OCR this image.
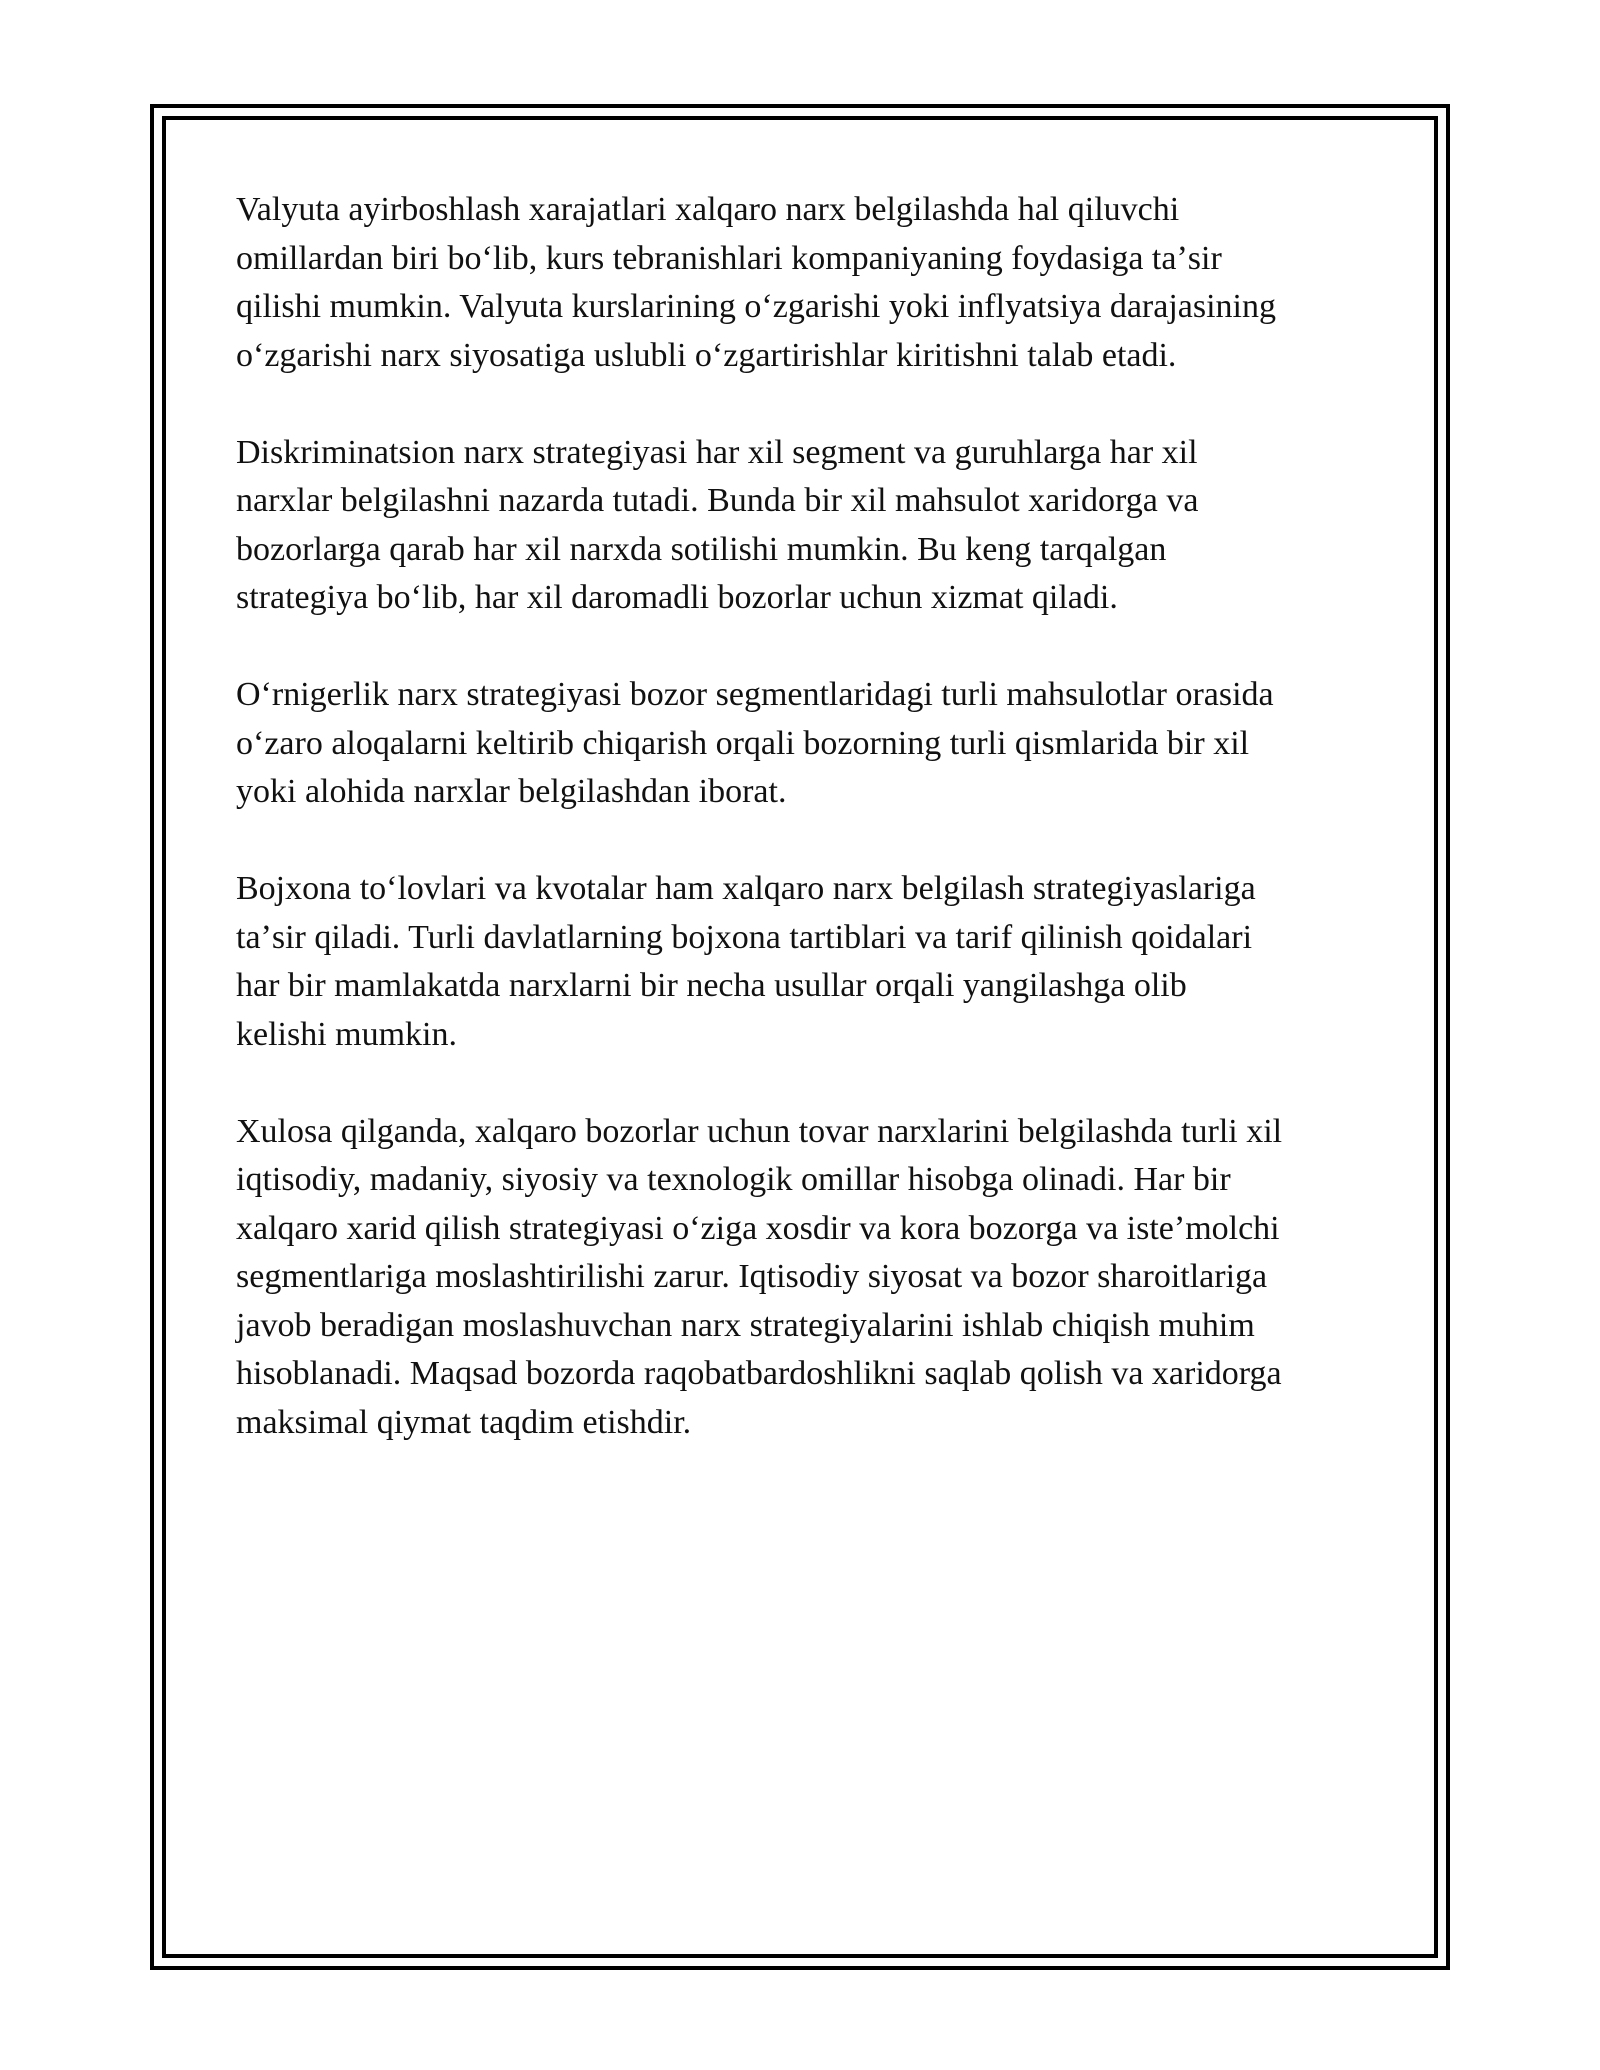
Valyuta ayirboshlash xarajatlari xalqaro narx belgilashda hal qiluvchi
omillardan biri boʻlib, kurs tebranishlari kompaniyaning foydasiga taʼsir
qilishi mumkin. Valyuta kurslarining oʻzgarishi yoki inflyatsiya darajasining
oʻzgarishi narx siyosatiga uslubli oʻzgartirishlar kiritishni talab etadi.

Diskriminatsion narx strategiyasi har xil segment va guruhlarga har xil
narxlar belgilashni nazarda tutadi. Bunda bir xil mahsulot xaridorga va
bozorlarga qarab har xil narxda sotilishi mumkin. Bu keng tarqalgan
strategiya boʻlib, har xil daromadli bozorlar uchun xizmat qiladi.

Oʻrnigerlik narx strategiyasi bozor segmentlaridagi turli mahsulotlar orasida
oʻzaro aloqalarni keltirib chiqarish orqali bozorning turli qismlarida bir xil
yoki alohida narxlar belgilashdan iborat.

Bojxona toʻlovlari va kvotalar ham xalqaro narx belgilash strategiyaslariga
taʼsir qiladi. Turli davlatlarning bojxona tartiblari va tarif qilinish qoidalari
har bir mamlakatda narxlarni bir necha usullar orqali yangilashga olib
kelishi mumkin.

Xulosa qilganda, xalqaro bozorlar uchun tovar narxlarini belgilashda turli xil
iqtisodiy, madaniy, siyosiy va texnologik omillar hisobga olinadi. Har bir
xalqaro xarid qilish strategiyasi oʻziga xosdir va kora bozorga va isteʼmolchi
segmentlariga moslashtirilishi zarur. Iqtisodiy siyosat va bozor sharoitlariga
javob beradigan moslashuvchan narx strategiyalarini ishlab chiqish muhim
hisoblanadi. Maqsad bozorda raqobatbardoshlikni saqlab qolish va xaridorga
maksimal qiymat taqdim etishdir.
